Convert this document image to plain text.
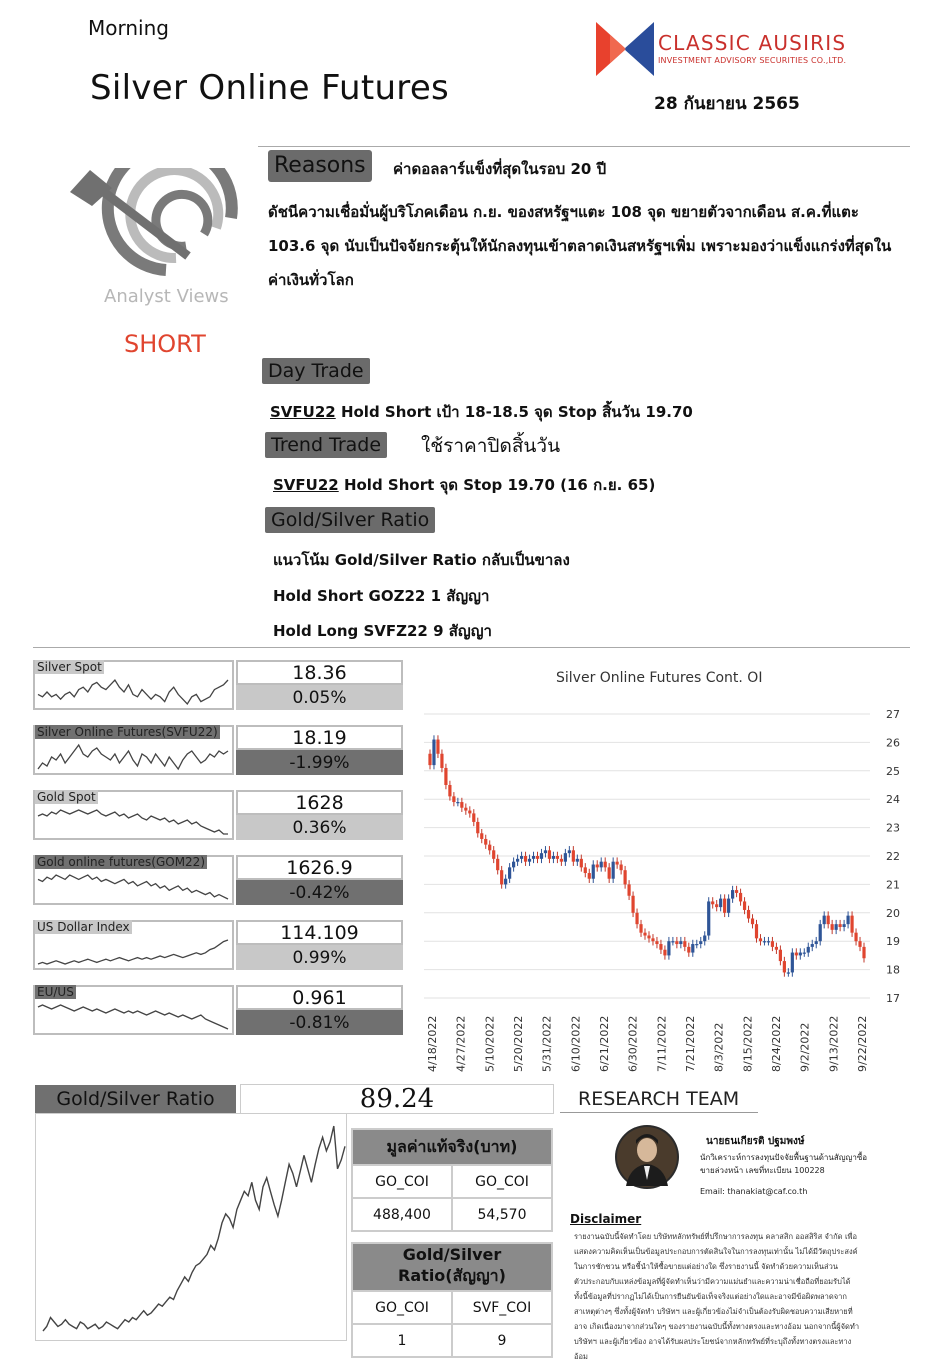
Morning
Silver Online Futures	28 กันยายน 2565
CLASSIC AUSIRIS
INVESTMENT ADVISORY SECURITIES CO.,LTD.
Analyst Views
SHORT
Reasons	ค่าดอลลาร์แข็งที่สุดในรอบ 20 ปี
ดัชนีความเชื่อมั่นผู้บริโภคเดือน ก.ย. ของสหรัฐฯแตะ 108 จุด ขยายตัวจากเดือน ส.ค.ที่แตะ 103.6 จุด นับเป็นปัจจัยกระตุ้นให้นักลงทุนเข้าตลาดเงินสหรัฐฯเพิ่ม เพราะมองว่าแข็งแกร่งที่สุดในค่าเงินทั่วโลก
Day Trade
SVFU22 Hold Short เป้า 18-18.5 จุด Stop สิ้นวัน 19.70
Trend Trade	ใช้ราคาปิดสิ้นวัน
SVFU22 Hold Short จุด Stop 19.70 (16 ก.ย. 65)
Gold/Silver Ratio
แนวโน้ม Gold/Silver Ratio กลับเป็นขาลง
Hold Short GOZ22 1 สัญญา
Hold Long SVFZ22 9 สัญญา
Silver Spot	18.36
0.05%
Silver Online Futures(SVFU22)	18.19
-1.99%
Gold Spot	1628
0.36%
Gold online futures(GOM22)	1626.9
-0.42%
US Dollar Index	114.109
0.99%
EU/US	0.961
-0.81%
Silver Online Futures Cont. OI
17
18
19
20
21
22
23
24
25
26
27
4/18/2022 4/27/2022 5/10/2022 5/20/2022 5/31/2022 6/10/2022 6/21/2022 6/30/2022 7/11/2022 7/21/2022 8/3/2022 8/15/2022 8/24/2022 9/2/2022 9/13/2022 9/22/2022
Gold/Silver Ratio	89.24	RESEARCH TEAM
มูลค่าแท้จริง(บาท)	
GO_COI	GO_COI
488,400	54,570
Gold/Silver Ratio(สัญญา)	
GO_COI	SVF_COI
1	9
นายธนเกียรติ ปฐมพงษ์
นักวิเคราะห์การลงทุนปัจจัยพื้นฐานด้านสัญญาซื้อ
ขายล่วงหน้า เลขที่ทะเบียน 100228
Email: thanakiat@caf.co.th
Disclaimer
รายงานฉบับนี้จัดทำโดย บริษัทหลักทรัพย์ที่ปรึกษาการลงทุน คลาสสิก ออสสิริส จำกัด เพื่อแสดงความคิดเห็นเป็นข้อมูลประกอบการตัดสินใจในการลงทุนเท่านั้น ไม่ได้มีวัตถุประสงค์ในการชักชวน หรือชี้นำให้ซื้อขายแต่อย่างใด ซึ่งรายงานนี้ จัดทำด้วยความเห็นส่วนตัวประกอบกับแหล่งข้อมูลที่ผู้จัดทำเห็นว่ามีความแม่นยำและความน่าเชื่อถือที่ยอมรับได้ ทั้งนี้ข้อมูลที่ปรากฏไม่ได้เป็นการยืนยันข้อเท็จจริงแต่อย่างใดและอาจมีข้อผิดพลาดจากสาเหตุต่างๆ ซึ่งทั้งผู้จัดทำ บริษัทฯ และผู้เกี่ยวข้องไม่จำเป็นต้องรับผิดชอบความเสียหายที่อาจ เกิดเนื่องมาจากส่วนใดๆ ของรายงานฉบับนี้ทั้งทางตรงและทางอ้อม นอกจากนี้ผู้จัดทำ บริษัทฯ และผู้เกี่ยวข้อง อาจได้รับผลประโยชน์จากหลักทรัพย์ที่ระบุถึงทั้งทางตรงและทางอ้อม
